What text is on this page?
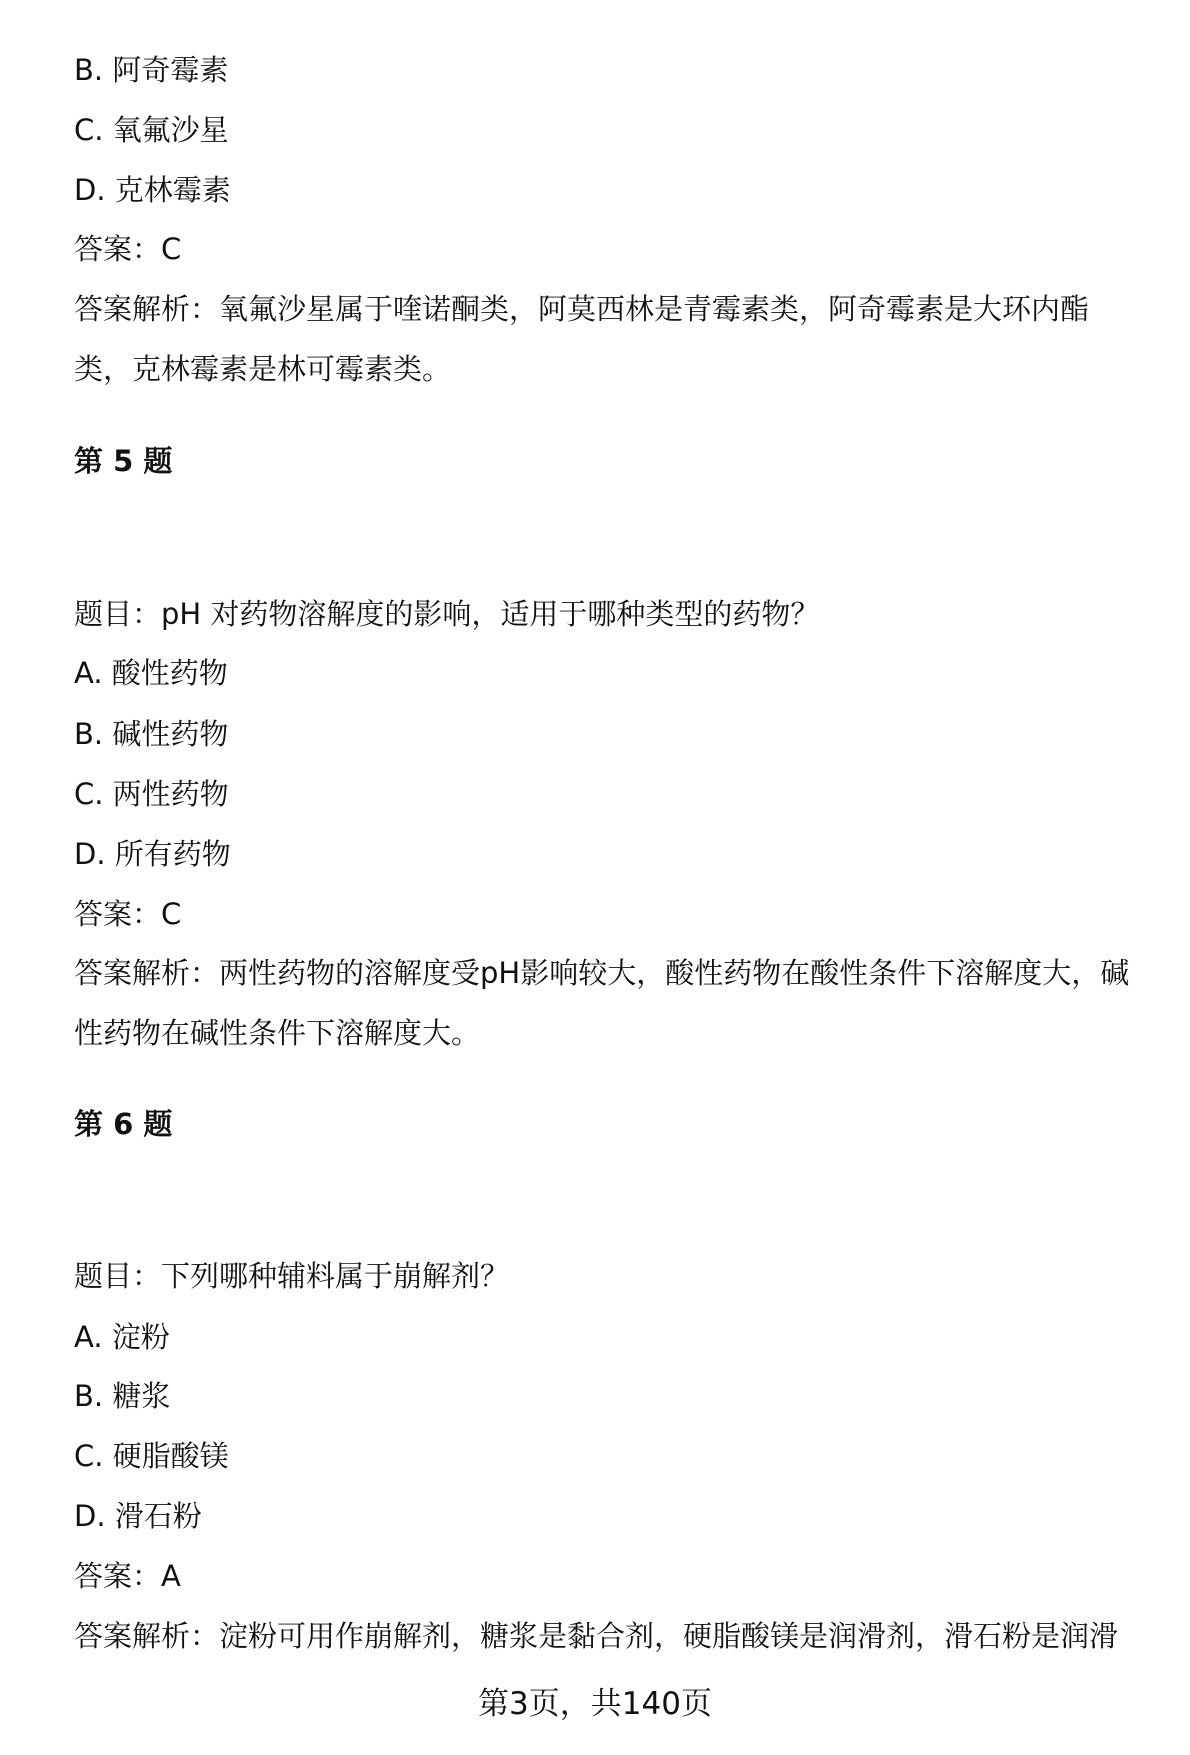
B. 阿奇霉素
C. 氧氟沙星
D. 克林霉素
答案：C
答案解析：氧氟沙星属于喹诺酮类，阿莫西林是青霉素类，阿奇霉素是大环内酯
类，克林霉素是林可霉素类。
第 5 题
题目：pH 对药物溶解度的影响，适用于哪种类型的药物？
A. 酸性药物
B. 碱性药物
C. 两性药物
D. 所有药物
答案：C
答案解析：两性药物的溶解度受pH影响较大，酸性药物在酸性条件下溶解度大，碱
性药物在碱性条件下溶解度大。
第 6 题
题目：下列哪种辅料属于崩解剂？
A. 淀粉
B. 糖浆
C. 硬脂酸镁
D. 滑石粉
答案：A
答案解析：淀粉可用作崩解剂，糖浆是黏合剂，硬脂酸镁是润滑剂，滑石粉是润滑
第3页，共140页
